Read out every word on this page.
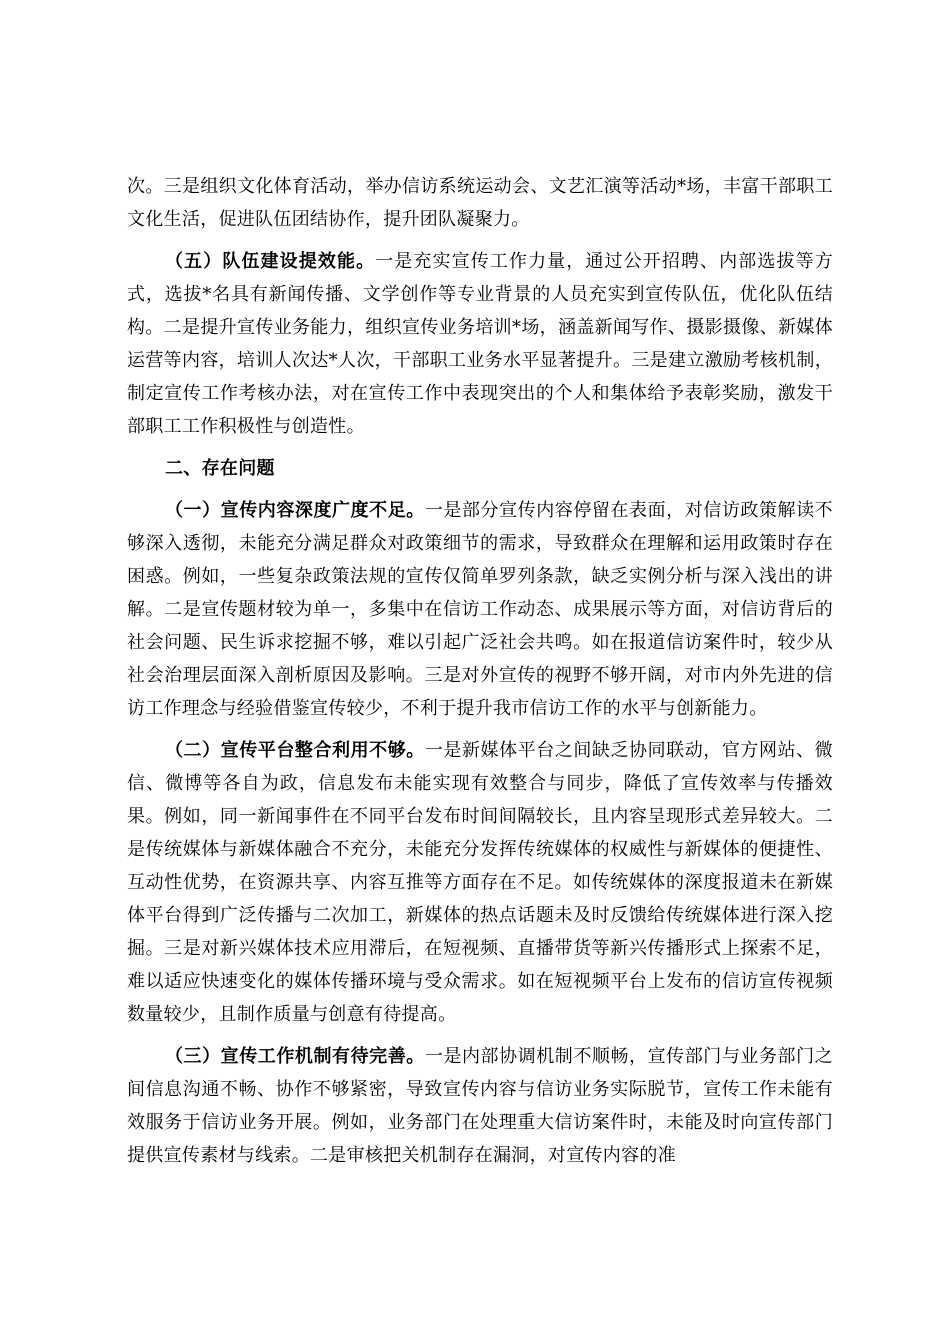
次。三是组织文化体育活动，举办信访系统运动会、文艺汇演等活动*场，丰富干部职工文化生活，促进队伍团结协作，提升团队凝聚力。

（五）队伍建设提效能。一是充实宣传工作力量，通过公开招聘、内部选拔等方式，选拔*名具有新闻传播、文学创作等专业背景的人员充实到宣传队伍，优化队伍结构。二是提升宣传业务能力，组织宣传业务培训*场，涵盖新闻写作、摄影摄像、新媒体运营等内容，培训人次达*人次，干部职工业务水平显著提升。三是建立激励考核机制，制定宣传工作考核办法，对在宣传工作中表现突出的个人和集体给予表彰奖励，激发干部职工工作积极性与创造性。

二、存在问题

（一）宣传内容深度广度不足。一是部分宣传内容停留在表面，对信访政策解读不够深入透彻，未能充分满足群众对政策细节的需求，导致群众在理解和运用政策时存在困惑。例如，一些复杂政策法规的宣传仅简单罗列条款，缺乏实例分析与深入浅出的讲解。二是宣传题材较为单一，多集中在信访工作动态、成果展示等方面，对信访背后的社会问题、民生诉求挖掘不够，难以引起广泛社会共鸣。如在报道信访案件时，较少从社会治理层面深入剖析原因及影响。三是对外宣传的视野不够开阔，对市内外先进的信访工作理念与经验借鉴宣传较少，不利于提升我市信访工作的水平与创新能力。

（二）宣传平台整合利用不够。一是新媒体平台之间缺乏协同联动，官方网站、微信、微博等各自为政，信息发布未能实现有效整合与同步，降低了宣传效率与传播效果。例如，同一新闻事件在不同平台发布时间间隔较长，且内容呈现形式差异较大。二是传统媒体与新媒体融合不充分，未能充分发挥传统媒体的权威性与新媒体的便捷性、互动性优势，在资源共享、内容互推等方面存在不足。如传统媒体的深度报道未在新媒体平台得到广泛传播与二次加工，新媒体的热点话题未及时反馈给传统媒体进行深入挖掘。三是对新兴媒体技术应用滞后，在短视频、直播带货等新兴传播形式上探索不足，难以适应快速变化的媒体传播环境与受众需求。如在短视频平台上发布的信访宣传视频数量较少，且制作质量与创意有待提高。

（三）宣传工作机制有待完善。一是内部协调机制不顺畅，宣传部门与业务部门之间信息沟通不畅、协作不够紧密，导致宣传内容与信访业务实际脱节，宣传工作未能有效服务于信访业务开展。例如，业务部门在处理重大信访案件时，未能及时向宣传部门提供宣传素材与线索。二是审核把关机制存在漏洞，对宣传内容的准
